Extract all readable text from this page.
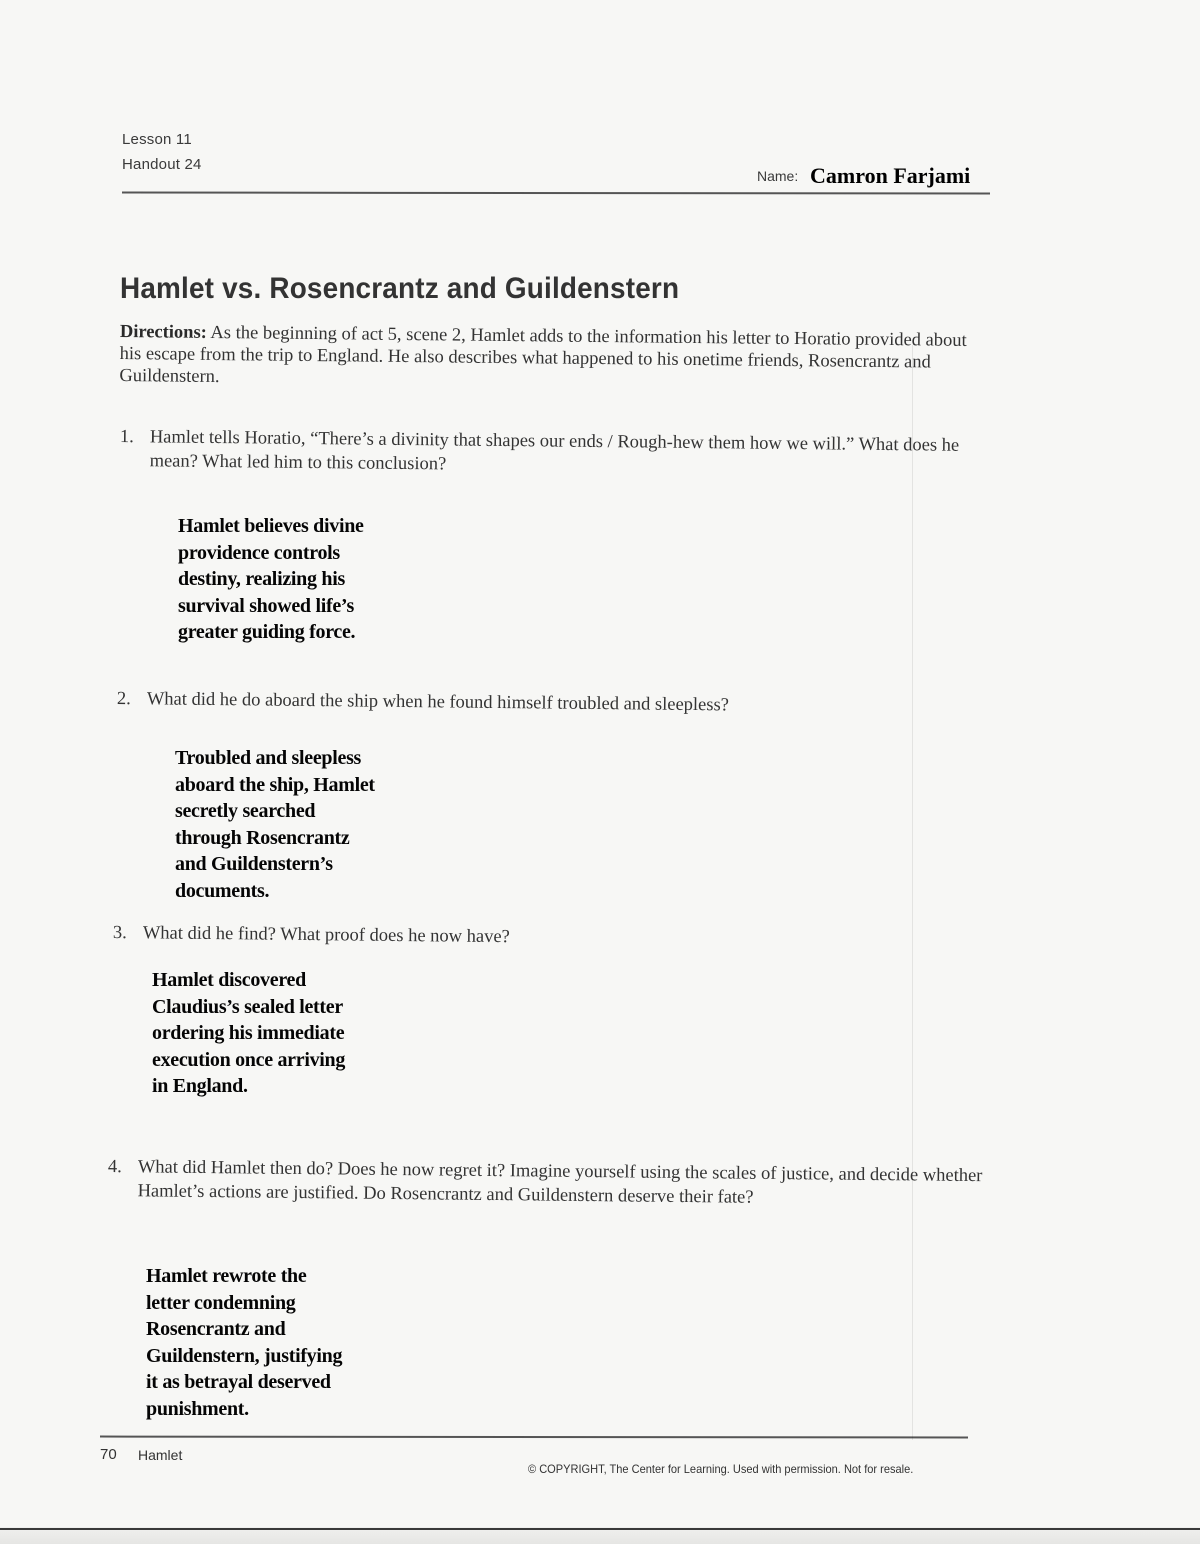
Lesson 11
Handout 24
Name: Camron Farjami
Hamlet vs. Rosencrantz and Guildenstern
Directions: As the beginning of act 5, scene 2, Hamlet adds to the information his letter to Horatio provided about his escape from the trip to England. He also describes what happened to his onetime friends, Rosencrantz and Guildenstern.
1. Hamlet tells Horatio, “There’s a divinity that shapes our ends / Rough-hew them how we will.” What does he mean? What led him to this conclusion?
Hamlet believes divine
providence controls
destiny, realizing his
survival showed life’s
greater guiding force.
2. What did he do aboard the ship when he found himself troubled and sleepless?
Troubled and sleepless
aboard the ship, Hamlet
secretly searched
through Rosencrantz
and Guildenstern’s
documents.
3. What did he find? What proof does he now have?
Hamlet discovered
Claudius’s sealed letter
ordering his immediate
execution once arriving
in England.
4. What did Hamlet then do? Does he now regret it? Imagine yourself using the scales of justice, and decide whether Hamlet’s actions are justified. Do Rosencrantz and Guildenstern deserve their fate?
Hamlet rewrote the
letter condemning
Rosencrantz and
Guildenstern, justifying
it as betrayal deserved
punishment.
70 Hamlet
© COPYRIGHT, The Center for Learning. Used with permission. Not for resale.
